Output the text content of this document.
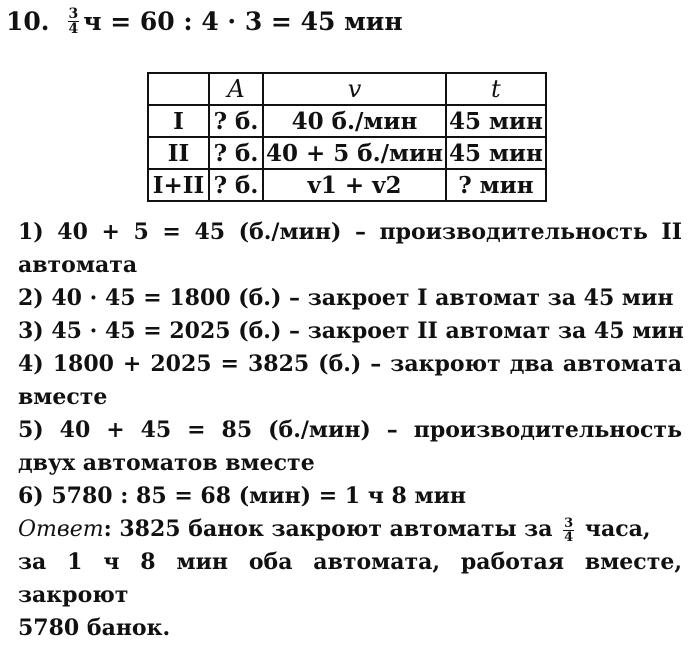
10. $\frac{3}{4}$ ч = 60 : 4 · 3 = 45 мин
	A	v	t
I	? б.	40 б./мин	45 мин
II	? б.	40 + 5 б./мин	45 мин
I+II	? б.	v1 + v2	? мин
1) 40 + 5 = 45 (б./мин) – производительность II
автомата
2) 40 · 45 = 1800 (б.) – закроет I автомат за 45 мин
3) 45 · 45 = 2025 (б.) – закроет II автомат за 45 мин
4) 1800 + 2025 = 3825 (б.) – закроют два автомата
вместе
5) 40 + 45 = 85 (б./мин) – производительность
двух автоматов вместе
6) 5780 : 85 = 68 (мин) = 1 ч 8 мин
Ответ: 3825 банок закроют автоматы за $\frac{3}{4}$ часа,
за 1 ч 8 мин оба автомата, работая вместе, закроют
5780 банок.
